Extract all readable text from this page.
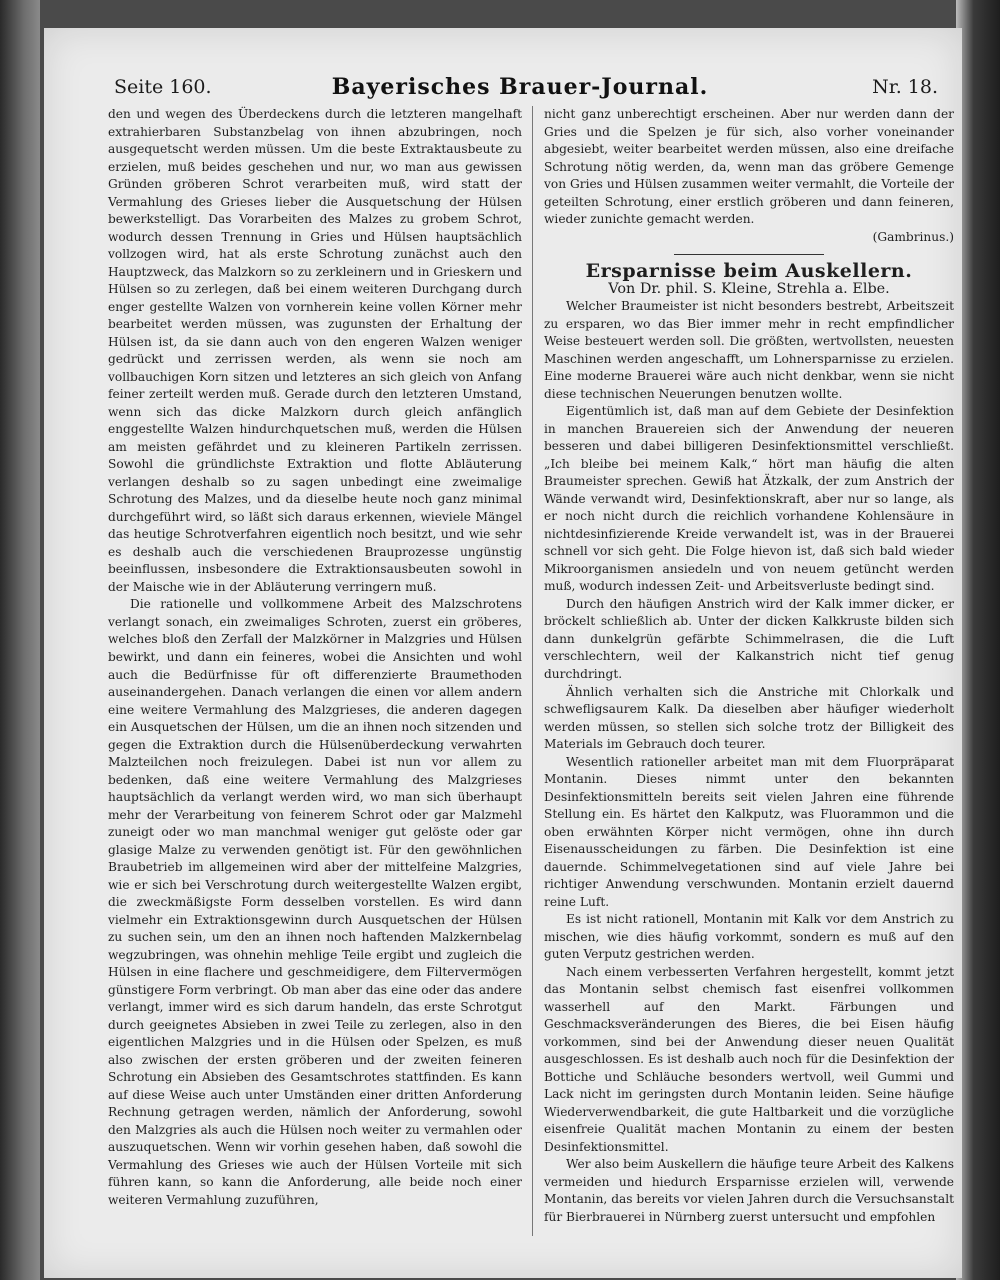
Seite 160.	Bayerisches Brauer-Journal.	Nr. 18.

den und wegen des Überdeckens durch die letzteren mangelhaft extrahierbaren Substanzbelag von ihnen abzubringen, noch ausgequetscht werden müssen. Um die beste Extraktausbeute zu erzielen, muß beides geschehen und nur, wo man aus gewissen Gründen gröberen Schrot verarbeiten muß, wird statt der Vermahlung des Grieses lieber die Ausquetschung der Hülsen bewerkstelligt. Das Vorarbeiten des Malzes zu grobem Schrot, wodurch dessen Trennung in Gries und Hülsen hauptsächlich vollzogen wird, hat als erste Schrotung zunächst auch den Hauptzweck, das Malzkorn so zu zerkleinern und in Grieskern und Hülsen so zu zerlegen, daß bei einem weiteren Durchgang durch enger gestellte Walzen von vornherein keine vollen Körner mehr bearbeitet werden müssen, was zugunsten der Erhaltung der Hülsen ist, da sie dann auch von den engeren Walzen weniger gedrückt und zerrissen werden, als wenn sie noch am vollbauchigen Korn sitzen und letzteres an sich gleich von Anfang feiner zerteilt werden muß. Gerade durch den letzteren Umstand, wenn sich das dicke Malzkorn durch gleich anfänglich enggestellte Walzen hindurchquetschen muß, werden die Hülsen am meisten gefährdet und zu kleineren Partikeln zerrissen. Sowohl die gründlichste Extraktion und flotte Abläuterung verlangen deshalb so zu sagen unbedingt eine zweimalige Schrotung des Malzes, und da dieselbe heute noch ganz minimal durchgeführt wird, so läßt sich daraus erkennen, wieviele Mängel das heutige Schrotverfahren eigentlich noch besitzt, und wie sehr es deshalb auch die verschiedenen Brauprozesse ungünstig beeinflussen, insbesondere die Extraktionsausbeuten sowohl in der Maische wie in der Abläuterung verringern muß.

Die rationelle und vollkommene Arbeit des Malzschrotens verlangt sonach, ein zweimaliges Schroten, zuerst ein gröberes, welches bloß den Zerfall der Malzkörner in Malzgries und Hülsen bewirkt, und dann ein feineres, wobei die Ansichten und wohl auch die Bedürfnisse für oft differenzierte Braumethoden auseinandergehen. Danach verlangen die einen vor allem andern eine weitere Vermahlung des Malzgrieses, die anderen dagegen ein Ausquetschen der Hülsen, um die an ihnen noch sitzenden und gegen die Extraktion durch die Hülsenüberdeckung verwahrten Malzteilchen noch freizulegen. Dabei ist nun vor allem zu bedenken, daß eine weitere Vermahlung des Malzgrieses hauptsächlich da verlangt werden wird, wo man sich überhaupt mehr der Verarbeitung von feinerem Schrot oder gar Malzmehl zuneigt oder wo man manchmal weniger gut gelöste oder gar glasige Malze zu verwenden genötigt ist. Für den gewöhnlichen Braubetrieb im allgemeinen wird aber der mittelfeine Malzgries, wie er sich bei Verschrotung durch weitergestellte Walzen ergibt, die zweckmäßigste Form desselben vorstellen. Es wird dann vielmehr ein Extraktionsgewinn durch Ausquetschen der Hülsen zu suchen sein, um den an ihnen noch haftenden Malzkernbelag wegzubringen, was ohnehin mehlige Teile ergibt und zugleich die Hülsen in eine flachere und geschmeidigere, dem Filtervermögen günstigere Form verbringt. Ob man aber das eine oder das andere verlangt, immer wird es sich darum handeln, das erste Schrotgut durch geeignetes Absieben in zwei Teile zu zerlegen, also in den eigentlichen Malzgries und in die Hülsen oder Spelzen, es muß also zwischen der ersten gröberen und der zweiten feineren Schrotung ein Absieben des Gesamtschrotes stattfinden. Es kann auf diese Weise auch unter Umständen einer dritten Anforderung Rechnung getragen werden, nämlich der Anforderung, sowohl den Malzgries als auch die Hülsen noch weiter zu vermahlen oder auszuquetschen. Wenn wir vorhin gesehen haben, daß sowohl die Vermahlung des Grieses wie auch der Hülsen Vorteile mit sich führen kann, so kann die Anforderung, alle beide noch einer weiteren Vermahlung zuzuführen,

nicht ganz unberechtigt erscheinen. Aber nur werden dann der Gries und die Spelzen je für sich, also vorher voneinander abgesiebt, weiter bearbeitet werden müssen, also eine dreifache Schrotung nötig werden, da, wenn man das gröbere Gemenge von Gries und Hülsen zusammen weiter vermahlt, die Vorteile der geteilten Schrotung, einer erstlich gröberen und dann feineren, wieder zunichte gemacht werden.

(Gambrinus.)

Ersparnisse beim Auskellern.

Von Dr. phil. S. Kleine, Strehla a. Elbe.

Welcher Braumeister ist nicht besonders bestrebt, Arbeitszeit zu ersparen, wo das Bier immer mehr in recht empfindlicher Weise besteuert werden soll. Die größten, wertvollsten, neuesten Maschinen werden angeschafft, um Lohnersparnisse zu erzielen. Eine moderne Brauerei wäre auch nicht denkbar, wenn sie nicht diese technischen Neuerungen benutzen wollte.

Eigentümlich ist, daß man auf dem Gebiete der Desinfektion in manchen Brauereien sich der Anwendung der neueren besseren und dabei billigeren Desinfektionsmittel verschließt. „Ich bleibe bei meinem Kalk,“ hört man häufig die alten Braumeister sprechen. Gewiß hat Ätzkalk, der zum Anstrich der Wände verwandt wird, Desinfektionskraft, aber nur so lange, als er noch nicht durch die reichlich vorhandene Kohlensäure in nichtdesinfizierende Kreide verwandelt ist, was in der Brauerei schnell vor sich geht. Die Folge hievon ist, daß sich bald wieder Mikroorganismen ansiedeln und von neuem getüncht werden muß, wodurch indessen Zeit- und Arbeitsverluste bedingt sind.

Durch den häufigen Anstrich wird der Kalk immer dicker, er bröckelt schließlich ab. Unter der dicken Kalkkruste bilden sich dann dunkelgrün gefärbte Schimmelrasen, die die Luft verschlechtern, weil der Kalkanstrich nicht tief genug durchdringt.

Ähnlich verhalten sich die Anstriche mit Chlorkalk und schwefligsaurem Kalk. Da dieselben aber häufiger wiederholt werden müssen, so stellen sich solche trotz der Billigkeit des Materials im Gebrauch doch teurer.

Wesentlich rationeller arbeitet man mit dem Fluorpräparat Montanin. Dieses nimmt unter den bekannten Desinfektionsmitteln bereits seit vielen Jahren eine führende Stellung ein. Es härtet den Kalkputz, was Fluorammon und die oben erwähnten Körper nicht vermögen, ohne ihn durch Eisenausscheidungen zu färben. Die Desinfektion ist eine dauernde. Schimmelvegetationen sind auf viele Jahre bei richtiger Anwendung verschwunden. Montanin erzielt dauernd reine Luft.

Es ist nicht rationell, Montanin mit Kalk vor dem Anstrich zu mischen, wie dies häufig vorkommt, sondern es muß auf den guten Verputz gestrichen werden.

Nach einem verbesserten Verfahren hergestellt, kommt jetzt das Montanin selbst chemisch fast eisenfrei vollkommen wasserhell auf den Markt. Färbungen und Geschmacksveränderungen des Bieres, die bei Eisen häufig vorkommen, sind bei der Anwendung dieser neuen Qualität ausgeschlossen. Es ist deshalb auch noch für die Desinfektion der Bottiche und Schläuche besonders wertvoll, weil Gummi und Lack nicht im geringsten durch Montanin leiden. Seine häufige Wiederverwendbarkeit, die gute Haltbarkeit und die vorzügliche eisenfreie Qualität machen Montanin zu einem der besten Desinfektionsmittel.

Wer also beim Auskellern die häufige teure Arbeit des Kalkens vermeiden und hiedurch Ersparnisse erzielen will, verwende Montanin, das bereits vor vielen Jahren durch die Versuchsanstalt für Bierbrauerei in Nürnberg zuerst untersucht und empfohlen
